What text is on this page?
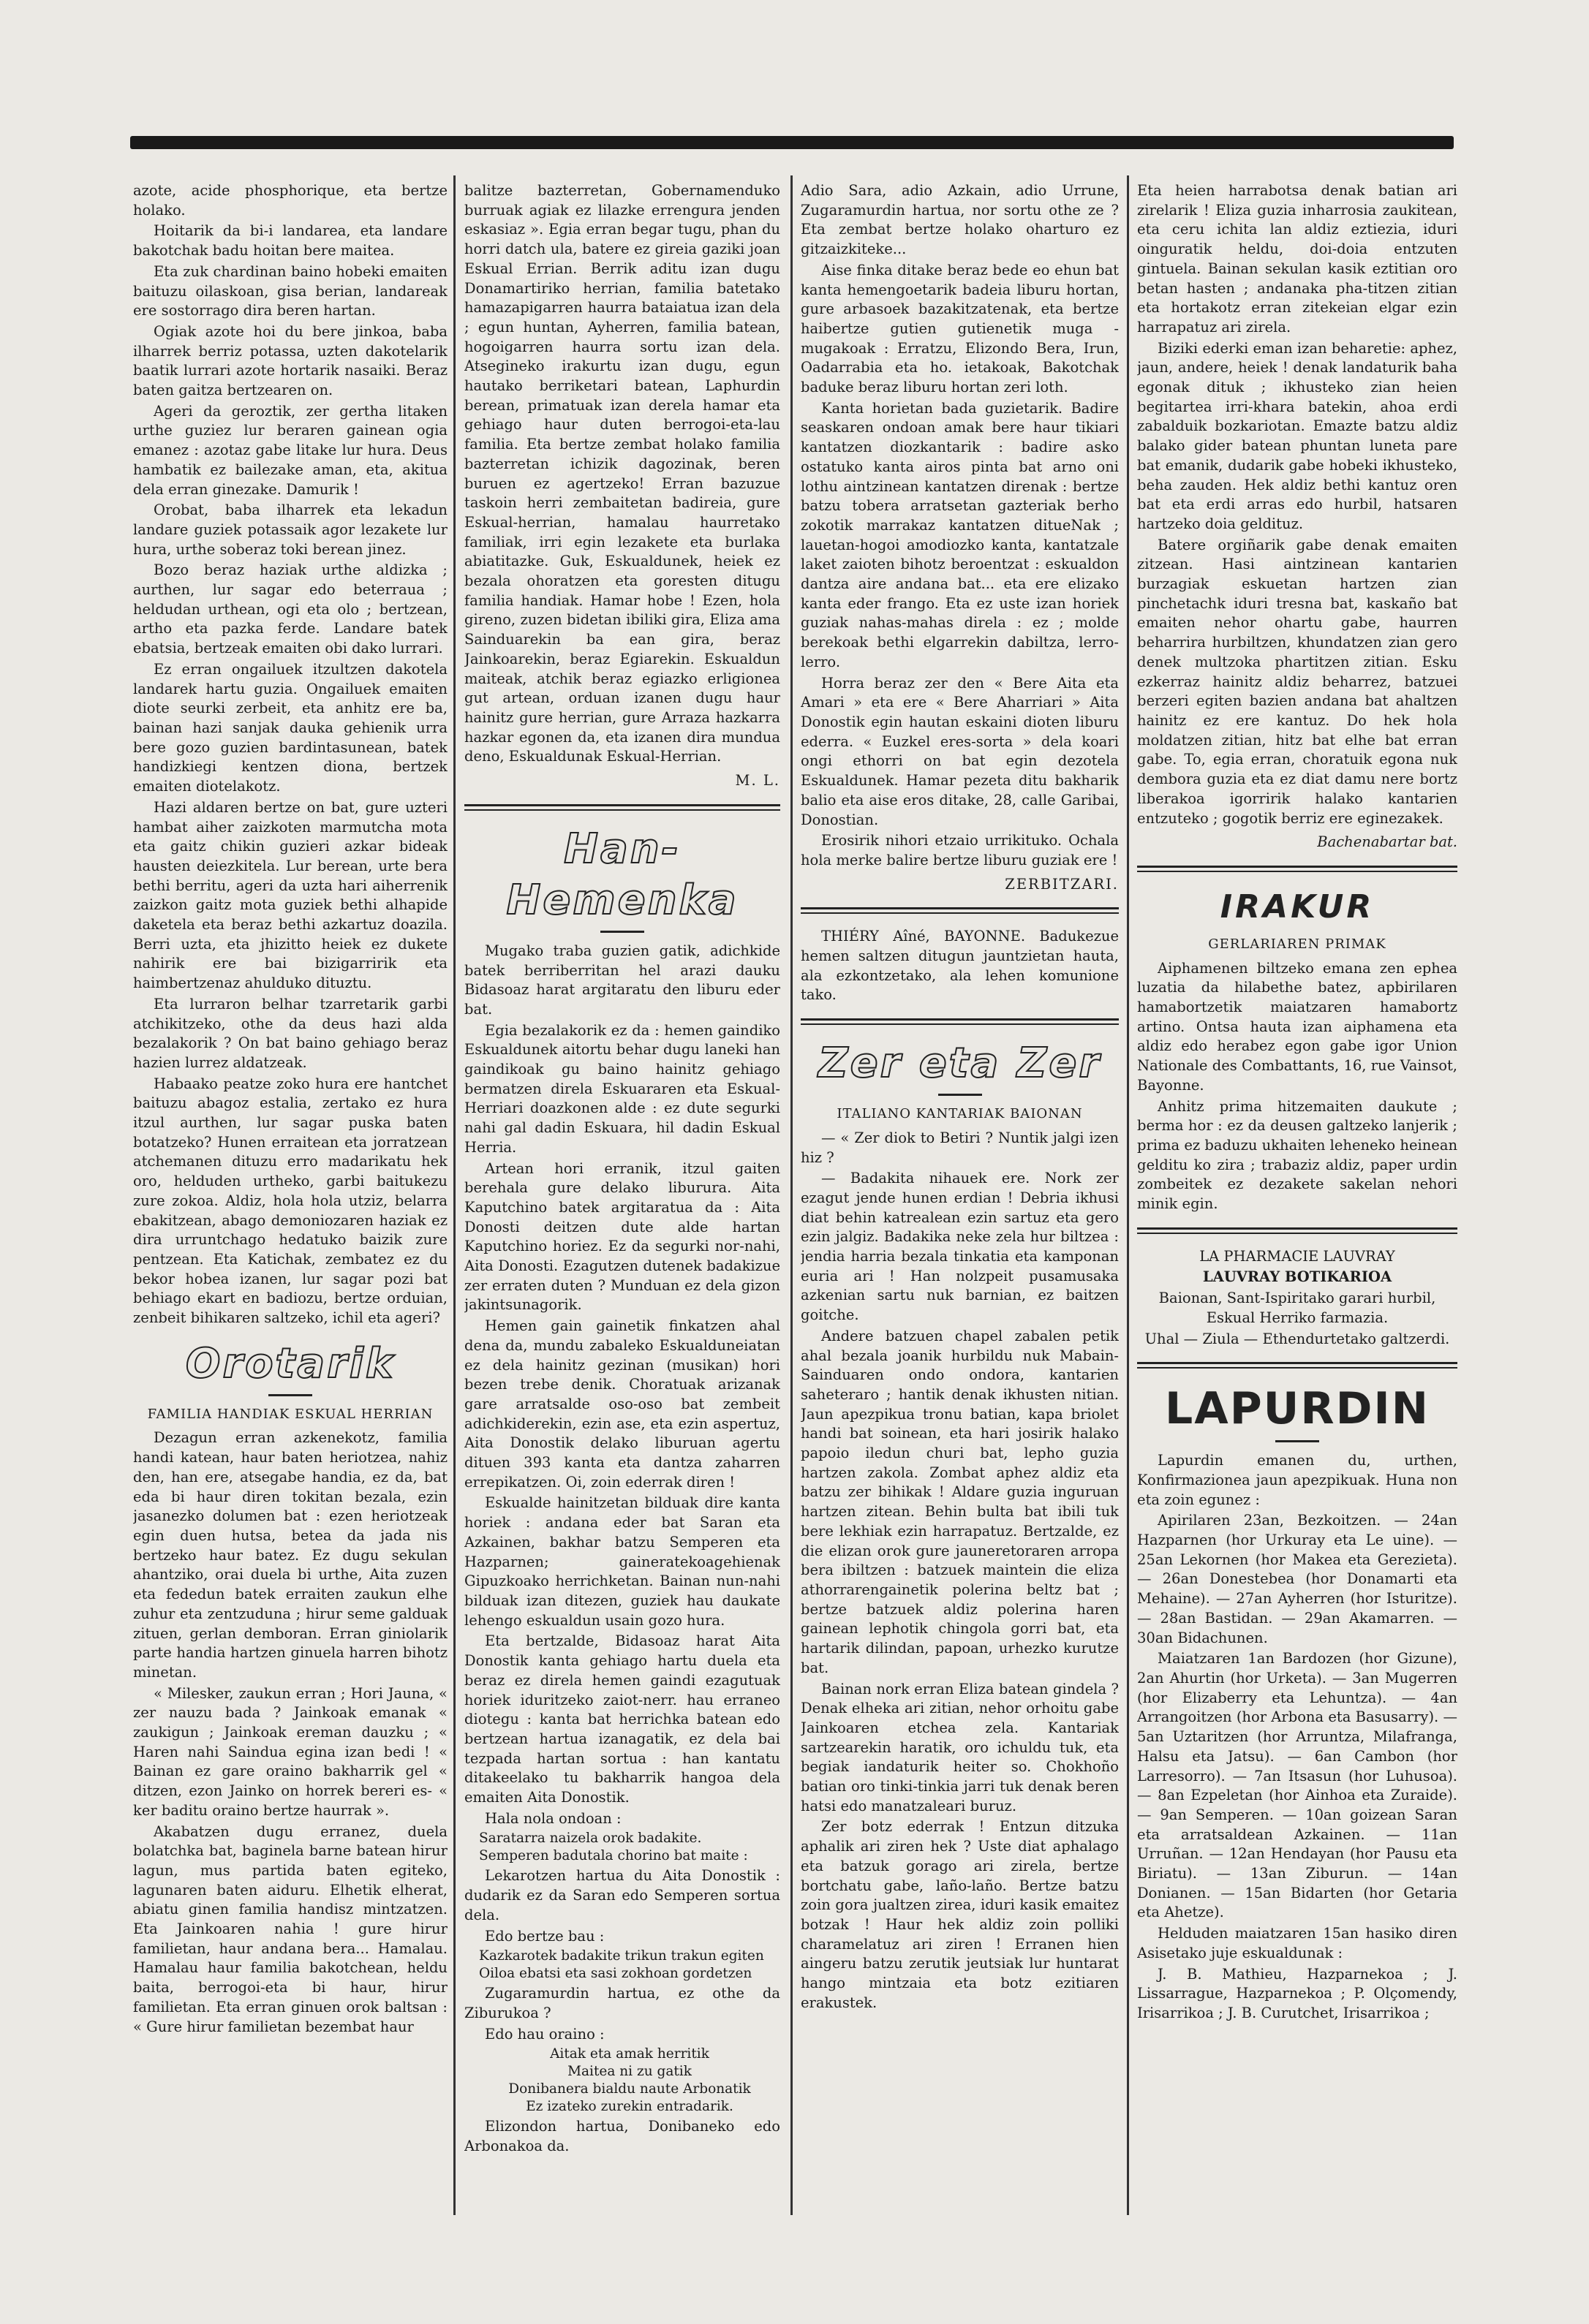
azote, acide phosphorique, eta bertze holako.

Hoitarik da bi-i landarea, eta landare bakotchak badu hoitan bere maitea.

Eta zuk chardinan baino hobeki emaiten baituzu oilaskoan, gisa berian, landareak ere sostorrago dira beren hartan.

Ogiak azote hoi du bere jinkoa, baba ilharrek berriz potassa, uzten dakotelarik baatik lurrari azote hortarik nasaiki. Beraz baten gaitza bertzearen on.

Ageri da geroztik, zer gertha litaken urthe guziez lur beraren gainean ogia emanez : azotaz gabe litake lur hura. Deus hambatik ez bailezake aman, eta, akitua dela erran ginezake. Damurik !

Orobat, baba ilharrek eta lekadun landare guziek potassaik agor lezakete lur hura, urthe soberaz toki berean jinez.

Bozo beraz haziak urthe aldizka ; aurthen, lur sagar edo beterraua ; heldudan urthean, ogi eta olo ; bertzean, artho eta pazka ferde. Landare batek ebatsia, bertzeak emaiten obi dako lurrari.

Ez erran ongailuek itzultzen dakotela landarek hartu guzia. Ongailuek emaiten diote seurki zerbeit, eta anhitz ere ba, bainan hazi sanjak dauka gehienik urra bere gozo guzien bardintasunean, batek handizkiegi kentzen diona, bertzek emaiten diotelakotz.

Hazi aldaren bertze on bat, gure uzteri hambat aiher zaizkoten marmutcha mota eta gaitz chikin guzieri azkar bideak hausten deiezkitela. Lur berean, urte bera bethi berritu, ageri da uzta hari aiherrenik zaizkon gaitz mota guziek bethi alhapide daketela eta beraz bethi azkartuz doazila. Berri uzta, eta jhizitto heiek ez dukete nahirik ere bai bizigarririk eta haimbertzenaz ahulduko dituztu.

Eta lurraron belhar tzarretarik garbi atchikitzeko, othe da deus hazi alda bezalakorik ? On bat baino gehiago beraz hazien lurrez aldatzeak.

Habaako peatze zoko hura ere hantchet baituzu abagoz estalia, zertako ez hura itzul aurthen, lur sagar puska baten botatzeko? Hunen erraitean eta jorratzean atchemanen dituzu erro madarikatu hek oro, helduden urtheko, garbi baitukezu zure zokoa. Aldiz, hola hola utziz, belarra ebakitzean, abago demoniozaren haziak ez dira urruntchago hedatuko baizik zure pentzean. Eta Katichak, zembatez ez du bekor hobea izanen, lur sagar pozi bat behiago ekart en badiozu, bertze orduian, zenbeit bihikaren saltzeko, ichil eta ageri?

Orotarik
FAMILIA HANDIAK ESKUAL HERRIAN

Dezagun erran azkenekotz, familia handi katean, haur baten heriotzea, nahiz den, han ere, atsegabe handia, ez da, bat eda bi haur diren tokitan bezala, ezin jasanezko dolumen bat : ezen heriotzeak egin duen hutsa, betea da jada nis bertzeko haur batez. Ez dugu sekulan ahantziko, orai duela bi urthe, Aita zuzen eta fededun batek erraiten zaukun elhe zuhur eta zentzuduna ; hirur seme galduak zituen, gerlan demboran. Erran giniolarik parte handia hartzen ginuela harren bihotz minetan.

« Milesker, zaukun erran ; Hori Jauna, « zer nauzu bada ? Jainkoak emanak « zaukigun ; Jainkoak ereman dauzku ; « Haren nahi Saindua egina izan bedi ! « Bainan ez gare oraino bakharrik gel « ditzen, ezon Jainko on horrek bereri es- « ker baditu oraino bertze haurrak ».

Akabatzen dugu erranez, duela bolatchka bat, baginela barne batean hirur lagun, mus partida baten egiteko, lagunaren baten aiduru. Elhetik elherat, abiatu ginen familia handisz mintzatzen. Eta Jainkoaren nahia ! gure hirur familietan, haur andana bera... Hamalau. Hamalau haur familia bakotchean, heldu baita, berrogoi-eta bi haur, hirur familietan. Eta erran ginuen orok baltsan : « Gure hirur familietan bezembat haur

balitze bazterretan, Gobernamenduko burruak agiak ez lilazke errengura jenden eskasiaz ». Egia erran begar tugu, phan du horri datch ula, batere ez gireia gaziki joan Eskual Errian. Berrik aditu izan dugu Donamartiriko herrian, familia batetako hamazapigarren haurra bataiatua izan dela ; egun huntan, Ayherren, familia batean, hogoigarren haurra sortu izan dela. Atsegineko irakurtu izan dugu, egun hautako berriketari batean, Laphurdin berean, primatuak izan derela hamar eta gehiago haur duten berrogoi-eta-lau familia. Eta bertze zembat holako familia bazterretan ichizik dagozinak, beren buruen ez agertzeko! Erran bazuzue taskoin herri zembaitetan badireia, gure Eskual-herrian, hamalau haurretako familiak, irri egin lezakete eta burlaka abiatitazke. Guk, Eskualdunek, heiek ez bezala ohoratzen eta goresten ditugu familia handiak. Hamar hobe ! Ezen, hola gireno, zuzen bidetan ibiliki gira, Eliza ama Sainduarekin ba ean gira, beraz Jainkoarekin, beraz Egiarekin. Eskualdun maiteak, atchik beraz egiazko erligionea gut artean, orduan izanen dugu haur hainitz gure herrian, gure Arraza hazkarra hazkar egonen da, eta izanen dira mundua deno, Eskualdunak Eskual-Herrian.

M. L.
Han-Hemenka

Mugako traba guzien gatik, adichkide batek berriberritan hel arazi dauku Bidasoaz harat argitaratu den liburu eder bat.

Egia bezalakorik ez da : hemen gaindiko Eskualdunek aitortu behar dugu laneki han gaindikoak gu baino hainitz gehiago bermatzen direla Eskuararen eta Eskual-Herriari doazkonen alde : ez dute segurki nahi gal dadin Eskuara, hil dadin Eskual Herria.

Artean hori erranik, itzul gaiten berehala gure delako liburura. Aita Kaputchino batek argitaratua da : Aita Donosti deitzen dute alde hartan Kaputchino horiez. Ez da segurki nor-nahi, Aita Donosti. Ezagutzen dutenek badakizue zer erraten duten ? Munduan ez dela gizon jakintsunagorik.

Hemen gain gainetik finkatzen ahal dena da, mundu zabaleko Eskualduneiatan ez dela hainitz gezinan (musikan) hori bezen trebe denik. Choratuak arizanak gare arratsalde oso-oso bat zembeit adichkiderekin, ezin ase, eta ezin aspertuz, Aita Donostik delako liburuan agertu dituen 393 kanta eta dantza zaharren errepikatzen. Oi, zoin ederrak diren !

Eskualde hainitzetan bilduak dire kanta horiek : andana eder bat Saran eta Azkainen, bakhar batzu Semperen eta Hazparnen; gaineratekoagehienak Gipuzkoako herrichketan. Bainan nun-nahi bilduak izan ditezen, guziek hau daukate lehengo eskualdun usain gozo hura.

Eta bertzalde, Bidasoaz harat Aita Donostik kanta gehiago hartu duela eta beraz ez direla hemen gaindi ezagutuak horiek iduritzeko zaiot-nerr. hau erraneo diotegu : kanta bat herrichka batean edo bertzean hartua izanagatik, ez dela bai tezpada hartan sortua : han kantatu ditakeelako tu bakharrik hangoa dela emaiten Aita Donostik.

Hala nola ondoan :

Saratarra naizela orok badakite.
Semperen badutala chorino bat maite :

Lekarotzen hartua du Aita Donostik : dudarik ez da Saran edo Semperen sortua dela.

Edo bertze bau :

Kazkarotek badakite trikun trakun egiten
Oiloa ebatsi eta sasi zokhoan gordetzen

Zugaramurdin hartua, ez othe da Ziburukoa ?

Edo hau oraino :

Aitak eta amak herritik
Maitea ni zu gatik
Donibanera bialdu naute Arbonatik
Ez izateko zurekin entradarik.

Elizondon hartua, Donibaneko edo Arbonakoa da.

Adio Sara, adio Azkain, adio Urrune, Zugaramurdin hartua, nor sortu othe ze ? Eta zembat bertze holako oharturo ez gitzaizkiteke...

Aise finka ditake beraz bede eo ehun bat kanta hemengoetarik badeia liburu hortan, gure arbasoek bazakitzatenak, eta bertze haibertze gutien gutienetik muga - mugakoak : Erratzu, Elizondo Bera, Irun, Oadarrabia eta ho. ietakoak, Bakotchak baduke beraz liburu hortan zeri loth.

Kanta horietan bada guzietarik. Badire seaskaren ondoan amak bere haur tikiari kantatzen diozkantarik : badire asko ostatuko kanta airos pinta bat arno oni lothu aintzinean kantatzen direnak : bertze batzu tobera arratsetan gazteriak berho zokotik marrakaz kantatzen ditueNak ; lauetan-hogoi amodiozko kanta, kantatzale laket zaioten bihotz beroentzat : eskualdon dantza aire andana bat... eta ere elizako kanta eder frango. Eta ez uste izan horiek guziak nahas-mahas direla : ez ; molde berekoak bethi elgarrekin dabiltza, lerro-lerro.

Horra beraz zer den « Bere Aita eta Amari » eta ere « Bere Aharriari » Aita Donostik egin hautan eskaini dioten liburu ederra. « Euzkel eres-sorta » dela koari ongi ethorri on bat egin dezotela Eskualdunek. Hamar pezeta ditu bakharik balio eta aise eros ditake, 28, calle Garibai, Donostian.

Erosirik nihori etzaio urrikituko. Ochala hola merke balire bertze liburu guziak ere !

ZERBITZARI.

THIÉRY Aîné, BAYONNE. Badukezue hemen saltzen ditugun jauntzietan hauta, ala ezkontzetako, ala lehen komunione tako.

Zer eta Zer
ITALIANO KANTARIAK BAIONAN

— « Zer diok to Betiri ? Nuntik jalgi izen hiz ?

— Badakita nihauek ere. Nork zer ezagut jende hunen erdian ! Debria ikhusi diat behin katrealean ezin sartuz eta gero ezin jalgiz. Badakika neke zela hur biltzea : jendia harria bezala tinkatia eta kamponan euria ari ! Han nolzpeit pusamusaka azkenian sartu nuk barnian, ez baitzen goitche.

Andere batzuen chapel zabalen petik ahal bezala joanik hurbildu nuk Mabain-Sainduaren ondo ondora, kantarien saheteraro ; hantik denak ikhusten nitian. Jaun apezpikua tronu batian, kapa briolet handi bat soinean, eta hari josirik halako papoio iledun churi bat, lepho guzia hartzen zakola. Zombat aphez aldiz eta batzu zer bihikak ! Aldare guzia inguruan hartzen zitean. Behin bulta bat ibili tuk bere lekhiak ezin harrapatuz. Bertzalde, ez die elizan orok gure jauneretoraren arropa bera ibiltzen : batzuek maintein die eliza athorrarengainetik polerina beltz bat ; bertze batzuek aldiz polerina haren gainean lephotik chingola gorri bat, eta hartarik dilindan, papoan, urhezko kurutze bat.

Bainan nork erran Eliza batean gindela ? Denak elheka ari zitian, nehor orhoitu gabe Jainkoaren etchea zela. Kantariak sartzearekin haratik, oro ichuldu tuk, eta begiak iandaturik heiter so. Chokhoño batian oro tinki-tinkia jarri tuk denak beren hatsi edo manatzaleari buruz.

Zer botz ederrak ! Entzun ditzuka aphalik ari ziren hek ? Uste diat aphalago eta batzuk gorago ari zirela, bertze bortchatu gabe, laño-laño. Bertze batzu zoin gora jualtzen zirea, iduri kasik emaitez botzak ! Haur hek aldiz zoin polliki charamelatuz ari ziren ! Erranen hien aingeru batzu zerutik jeutsiak lur huntarat hango mintzaia eta botz ezitiaren erakustek.

Eta heien harrabotsa denak batian ari zirelarik ! Eliza guzia inharrosia zaukitean, eta ceru ichita lan aldiz eztiezia, iduri oinguratik heldu, doi-doia entzuten gintuela. Bainan sekulan kasik eztitian oro betan hasten ; andanaka pha-titzen zitian eta hortakotz erran zitekeian elgar ezin harrapatuz ari zirela.

Biziki ederki eman izan beharetie: aphez, jaun, andere, heiek ! denak landaturik baha egonak dituk ; ikhusteko zian heien begitartea irri-khara batekin, ahoa erdi zabalduik bozkariotan. Emazte batzu aldiz balako gider batean phuntan luneta pare bat emanik, dudarik gabe hobeki ikhusteko, beha zauden. Hek aldiz bethi kantuz oren bat eta erdi arras edo hurbil, hatsaren hartzeko doia geldituz.

Batere orgiñarik gabe denak emaiten zitzean. Hasi aintzinean kantarien burzagiak eskuetan hartzen zian pinchetachk iduri tresna bat, kaskaño bat emaiten nehor ohartu gabe, haurren beharrira hurbiltzen, khundatzen zian gero denek multzoka phartitzen zitian. Esku ezkerraz hainitz aldiz beharrez, batzuei berzeri egiten bazien andana bat ahaltzen hainitz ez ere kantuz. Do hek hola moldatzen zitian, hitz bat elhe bat erran gabe. To, egia erran, choratuik egona nuk dembora guzia eta ez diat damu nere bortz liberakoa igorririk halako kantarien entzuteko ; gogotik berriz ere eginezakek.

Bachenabartar bat.
IRAKUR
GERLARIAREN PRIMAK

Aiphamenen biltzeko emana zen ephea luzatia da hilabethe batez, apbirilaren hamabortzetik maiatzaren hamabortz artino. Ontsa hauta izan aiphamena eta aldiz edo herabez egon gabe igor Union Nationale des Combattants, 16, rue Vainsot, Bayonne.

Anhitz prima hitzemaiten daukute ; berma hor : ez da deusen galtzeko lanjerik ; prima ez baduzu ukhaiten leheneko heinean gelditu ko zira ; trabaziz aldiz, paper urdin zombeitek ez dezakete sakelan nehori minik egin.

LA PHARMACIE LAUVRAY

LAUVRAY BOTIKARIOA

Baionan, Sant-Ispiritako garari hurbil, Eskual Herriko farmazia.

Uhal — Ziula — Ethendurtetako galtzerdi.

LAPURDIN

Lapurdin emanen du, urthen, Konfirmazionea jaun apezpikuak. Huna non eta zoin egunez :

Apirilaren 23an, Bezkoitzen. — 24an Hazparnen (hor Urkuray eta Le uine). — 25an Lekornen (hor Makea eta Gerezieta). — 26an Donestebea (hor Donamarti eta Mehaine). — 27an Ayherren (hor Isturitze). — 28an Bastidan. — 29an Akamarren. — 30an Bidachunen.

Maiatzaren 1an Bardozen (hor Gizune), 2an Ahurtin (hor Urketa). — 3an Mugerren (hor Elizaberry eta Lehuntza). — 4an Arrangoitzen (hor Arbona eta Basusarry). — 5an Uztaritzen (hor Arruntza, Milafranga, Halsu eta Jatsu). — 6an Cambon (hor Larresorro). — 7an Itsasun (hor Luhusoa). — 8an Ezpeletan (hor Ainhoa eta Zuraide). — 9an Semperen. — 10an goizean Saran eta arratsaldean Azkainen. — 11an Urruñan. — 12an Hendayan (hor Pausu eta Biriatu). — 13an Ziburun. — 14an Donianen. — 15an Bidarten (hor Getaria eta Ahetze).

Helduden maiatzaren 15an hasiko diren Asisetako juje eskualdunak :

J. B. Mathieu, Hazparnekoa ; J. Lissarrague, Hazparnekoa ; P. Olçomendy, Irisarrikoa ; J. B. Curutchet, Irisarrikoa ;
